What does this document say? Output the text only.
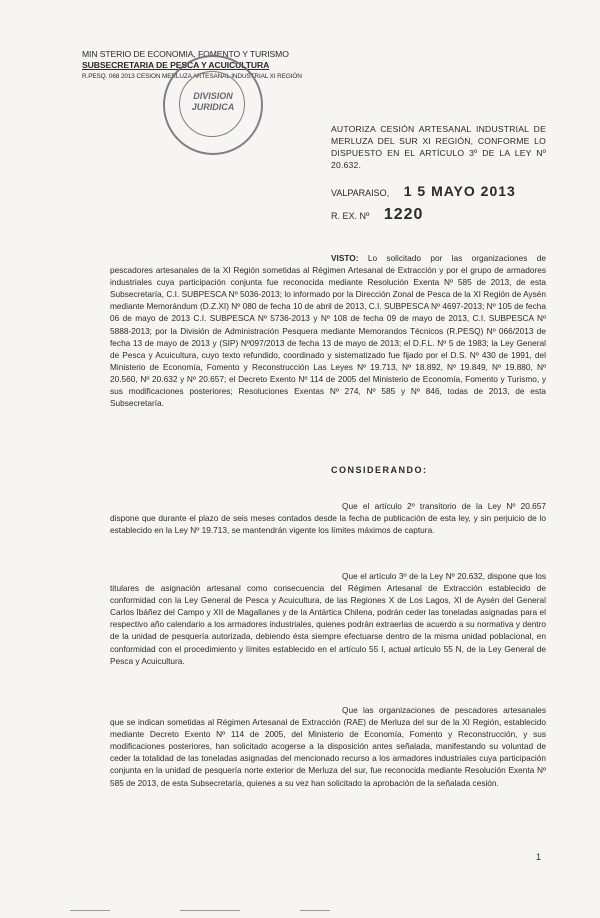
MIN STERIO DE ECONOMIA, FOMENTO Y TURISMO
SUBSECRETARIA DE PESCA Y ACUICULTURA
R.PESQ. 068 2013 CESION MERLUZA ARTESANAL INDUSTRIAL XI REGIÓN
DIVISION
JURIDICA
AUTORIZA CESIÓN ARTESANAL INDUSTRIAL DE MERLUZA DEL SUR XI REGIÓN, CONFORME LO DISPUESTO EN EL ARTÍCULO 3º DE LA LEY Nº 20.632.
VALPARAISO, 1 5 MAYO 2013
R. EX. Nº 1220
VISTO: Lo solicitado por las organizaciones de pescadores artesanales de la XI Región sometidas al Régimen Artesanal de Extracción y por el grupo de armadores industriales cuya participación conjunta fue reconocida mediante Resolución Exenta Nº 585 de 2013, de esta Subsecretaría, C.I. SUBPESCA Nº 5036-2013; lo informado por la Dirección Zonal de Pesca de la XI Región de Aysén mediante Memorándum (D.Z.XI) Nº 080 de fecha 10 de abril de 2013, C.I. SUBPESCA Nº 4697-2013; Nº 105 de fecha 06 de mayo de 2013 C.I. SUBPESCA Nº 5736-2013 y Nº 108 de fecha 09 de mayo de 2013, C.I. SUBPESCA Nº 5888-2013; por la División de Administración Pesquera mediante Memorandos Técnicos (R.PESQ) Nº 066/2013 de fecha 13 de mayo de 2013 y (SIP) Nº097/2013 de fecha 13 de mayo de 2013; el D.F.L. Nº 5 de 1983; la Ley General de Pesca y Acuicultura, cuyo texto refundido, coordinado y sistematizado fue fijado por el D.S. Nº 430 de 1991, del Ministerio de Economía, Fomento y Reconstrucción Las Leyes Nº 19.713, Nº 18.892, Nº 19.849, Nº 19.880, Nº 20.560, Nº 20.632 y Nº 20.657; el Decreto Exento Nº 114 de 2005 del Ministerio de Economía, Fomento y Turismo, y sus modificaciones posteriores; Resoluciones Exentas Nº 274, Nº 585 y Nº 846, todas de 2013, de esta Subsecretaría.
CONSIDERANDO:
Que el artículo 2º transitorio de la Ley Nº 20.657 dispone que durante el plazo de seis meses contados desde la fecha de publicación de esta ley, y sin perjuicio de lo establecido en la Ley Nº 19.713, se mantendrán vigente los límites máximos de captura.
Que el artículo 3º de la Ley Nº 20.632, dispone que los titulares de asignación artesanal como consecuencia del Régimen Artesanal de Extracción establecido de conformidad con la Ley General de Pesca y Acuicultura, de las Regiones X de Los Lagos, XI de Aysén del General Carlos Ibáñez del Campo y XII de Magallanes y de la Antártica Chilena, podrán ceder las toneladas asignadas para el respectivo año calendario a los armadores industriales, quienes podrán extraerlas de acuerdo a su normativa y dentro de la unidad de pesquería autorizada, debiendo ésta siempre efectuarse dentro de la misma unidad poblacional, en conformidad con el procedimiento y límites establecido en el artículo 55 I, actual artículo 55 N, de la Ley General de Pesca y Acuicultura.
Que las organizaciones de pescadores artesanales que se indican sometidas al Régimen Artesanal de Extracción (RAE) de Merluza del sur de la XI Región, establecido mediante Decreto Exento Nº 114 de 2005, del Ministerio de Economía, Fomento y Reconstrucción, y sus modificaciones posteriores, han solicitado acogerse a la disposición antes señalada, manifestando su voluntad de ceder la totalidad de las toneladas asignadas del mencionado recurso a los armadores industriales cuya participación conjunta en la unidad de pesquería norte exterior de Merluza del sur, fue reconocida mediante Resolución Exenta Nº 585 de 2013, de esta Subsecretaría, quienes a su vez han solicitado la aprobación de la señalada cesión.
1
